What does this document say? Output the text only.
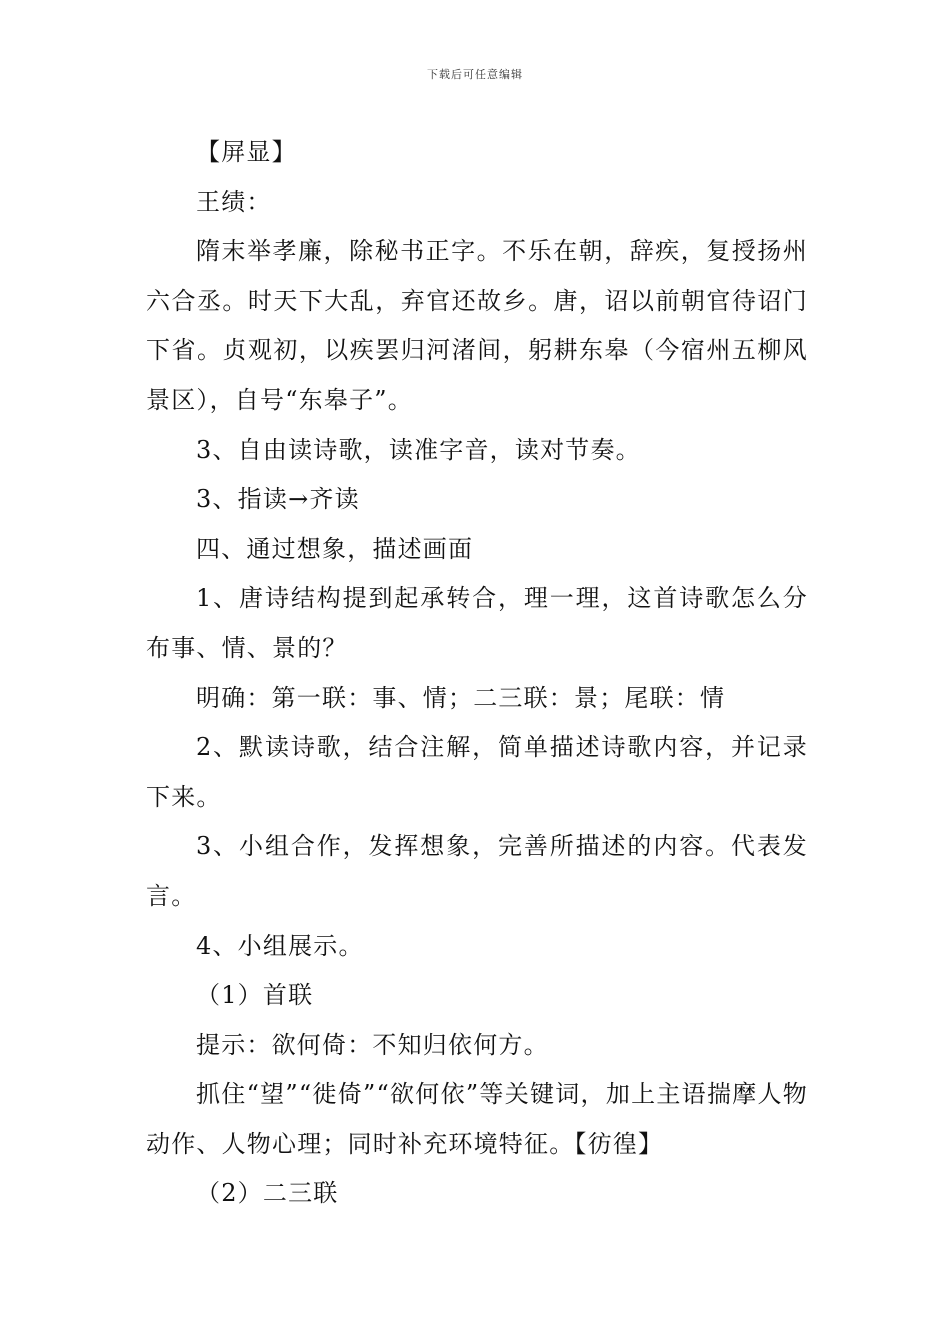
下载后可任意编辑

【屏显】

王绩：

隋末举孝廉，除秘书正字。不乐在朝，辞疾，复授扬州六合丞。时天下大乱，弃官还故乡。唐，诏以前朝官待诏门下省。贞观初，以疾罢归河渚间，躬耕东皋（今宿州五柳风景区），自号“东皋子”。

3、自由读诗歌，读准字音，读对节奏。

3、指读→齐读

四、通过想象，描述画面

1、唐诗结构提到起承转合，理一理，这首诗歌怎么分布事、情、景的？

明确：第一联：事、情；二三联：景；尾联：情

2、默读诗歌，结合注解，简单描述诗歌内容，并记录下来。

3、小组合作，发挥想象，完善所描述的内容。代表发言。

4、小组展示。

（1）首联

提示：欲何倚：不知归依何方。

抓住“望”“徙倚”“欲何依”等关键词，加上主语揣摩人物动作、人物心理；同时补充环境特征。【彷徨】

（2）二三联
